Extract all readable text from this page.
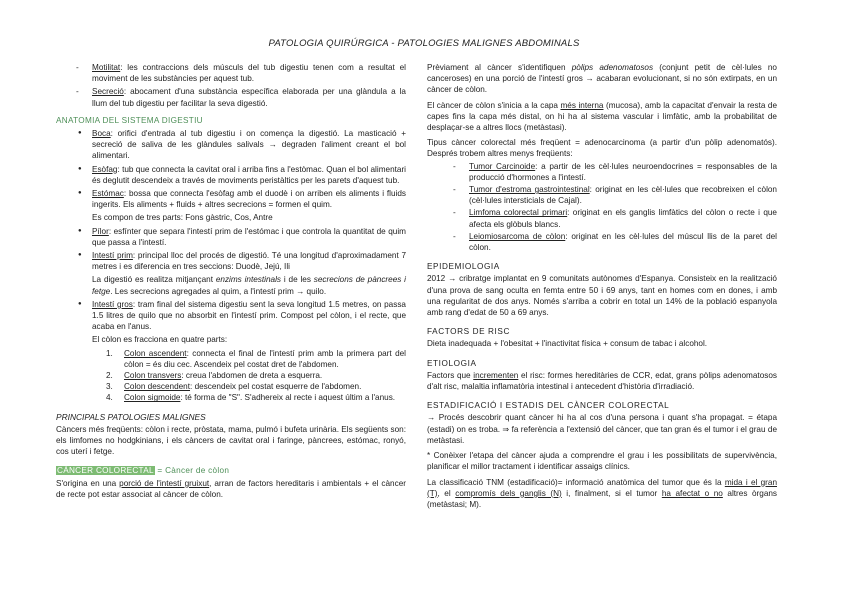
PATOLOGIA QUIRÚRGICA - PATOLOGIES MALIGNES ABDOMINALS
- Motilitat: les contraccions dels músculs del tub digestiu tenen com a resultat el moviment de les substàncies per aquest tub.
- Secreció: abocament d'una substància específica elaborada per una glàndula a la llum del tub digestiu per facilitar la seva digestió.
ANATOMIA DEL SISTEMA DIGESTIU
● Boca: orifici d'entrada al tub digestiu i on comença la digestió. La masticació + secreció de saliva de les glàndules salivals → degraden l'aliment creant el bol alimentari.
● Esòfag: tub que connecta la cavitat oral i arriba fins a l'estòmac. Quan el bol alimentari és deglutit descendeix a través de moviments peristàltics per les parets d'aquest tub.
● Estómac: bossa que connecta l'esòfag amb el duodè i on arriben els aliments i fluids ingerits. Els aliments + fluids + altres secrecions = formen el quim.
Es compon de tres parts: Fons gàstric, Cos, Antre
● Pílor: esfínter que separa l'intestí prim de l'estómac i que controla la quantitat de quim que passa a l'intestí.
● Intestí prim: principal lloc del procés de digestió. Té una longitud d'aproximadament 7 metres i es diferencia en tres seccions: Duodè, Jejú, Ili
La digestió es realitza mitjançant enzims intestinals i de les secrecions de pàncrees i fetge. Les secrecions agregades al quim, a l'intestí prim → quilo.
● Intestí gros: tram final del sistema digestiu sent la seva longitud 1.5 metres, on passa 1.5 litres de quilo que no absorbit en l'intestí prim. Compost pel còlon, i el recte, que acaba en l'anus.
El còlon es fracciona en quatre parts:
1. Colon ascendent: connecta el final de l'intestí prim amb la primera part del còlon = és diu cec. Ascendeix pel costat dret de l'abdomen.
2. Colon transvers: creua l'abdomen de dreta a esquerra.
3. Colon descendent: descendeix pel costat esquerre de l'abdomen.
4. Colon sigmoide: té forma de "S". S'adhereix al recte i aquest últim a l'anus.
PRINCIPALS PATOLOGIES MALIGNES
Càncers més freqüents: còlon i recte, pròstata, mama, pulmó i bufeta urinària. Els següents son: els limfomes no hodgkinians, i els càncers de cavitat oral i faringe, pàncrees, estómac, ronyó, cos uterí i fetge.
CÀNCER COLORECTAL = Càncer de còlon
S'origina en una porció de l'intestí gruixut, arran de factors hereditaris i ambientals + el càncer de recte pot estar associat al càncer de còlon.
Prèviament al càncer s'identifiquen pòlips adenomatosos (conjunt petit de cèl·lules no canceroses) en una porció de l'intestí gros → acabaran evolucionant, si no són extirpats, en un càncer de còlon.
El càncer de còlon s'inicia a la capa més interna (mucosa), amb la capacitat d'envair la resta de capes fins la capa més distal, on hi ha al sistema vascular i limfàtic, amb la probabilitat de desplaçar-se a altres llocs (metàstasi).
Tipus càncer colorectal més freqüent = adenocarcinoma (a partir d'un pòlip adenomatós). Després trobem altres menys freqüents:
- Tumor Carcinoide: a partir de les cèl·lules neuroendocrines = responsables de la producció d'hormones a l'intestí.
- Tumor d'estroma gastrointestinal: originat en les cèl·lules que recobreixen el còlon (cèl·lules intersticials de Cajal).
- Limfoma colorectal primari: originat en els ganglis limfàtics del còlon o recte i que afecta els glòbuls blancs.
- Leiomiosarcoma de còlon: originat en les cèl·lules del múscul llis de la paret del còlon.
EPIDEMIOLOGIA
2012 → cribratge implantat en 9 comunitats autònomes d'Espanya. Consisteix en la realització d'una prova de sang oculta en femta entre 50 i 69 anys, tant en homes com en dones, i amb una regularitat de dos anys. Només s'arriba a cobrir en total un 14% de la població espanyola amb rang d'edat de 50 a 69 anys.
FACTORS DE RISC
Dieta inadequada + l'obesitat + l'inactivitat física + consum de tabac i alcohol.
ETIOLOGIA
Factors que incrementen el risc: formes hereditàries de CCR, edat, grans pòlips adenomatosos d'alt risc, malaltia inflamatòria intestinal i antecedent d'història d'irradiació.
ESTADIFICACIÓ I ESTADIS DEL CÀNCER COLORECTAL
→ Procés descobrir quant càncer hi ha al cos d'una persona i quant s'ha propagat. = étapa (estadi) on es troba. ⇒ fa referència a l'extensió del càncer, que tan gran és el tumor i el grau de metàstasi.
* Conèixer l'etapa del càncer ajuda a comprendre el grau i les possibilitats de supervivència, planificar el millor tractament i identificar assaigs clínics.
La classificació TNM (estadificació)= informació anatòmica del tumor que és la mida i el gran (T), el compromís dels ganglis (N) i, finalment, si el tumor ha afectat o no altres òrgans (metàstasi; M).
